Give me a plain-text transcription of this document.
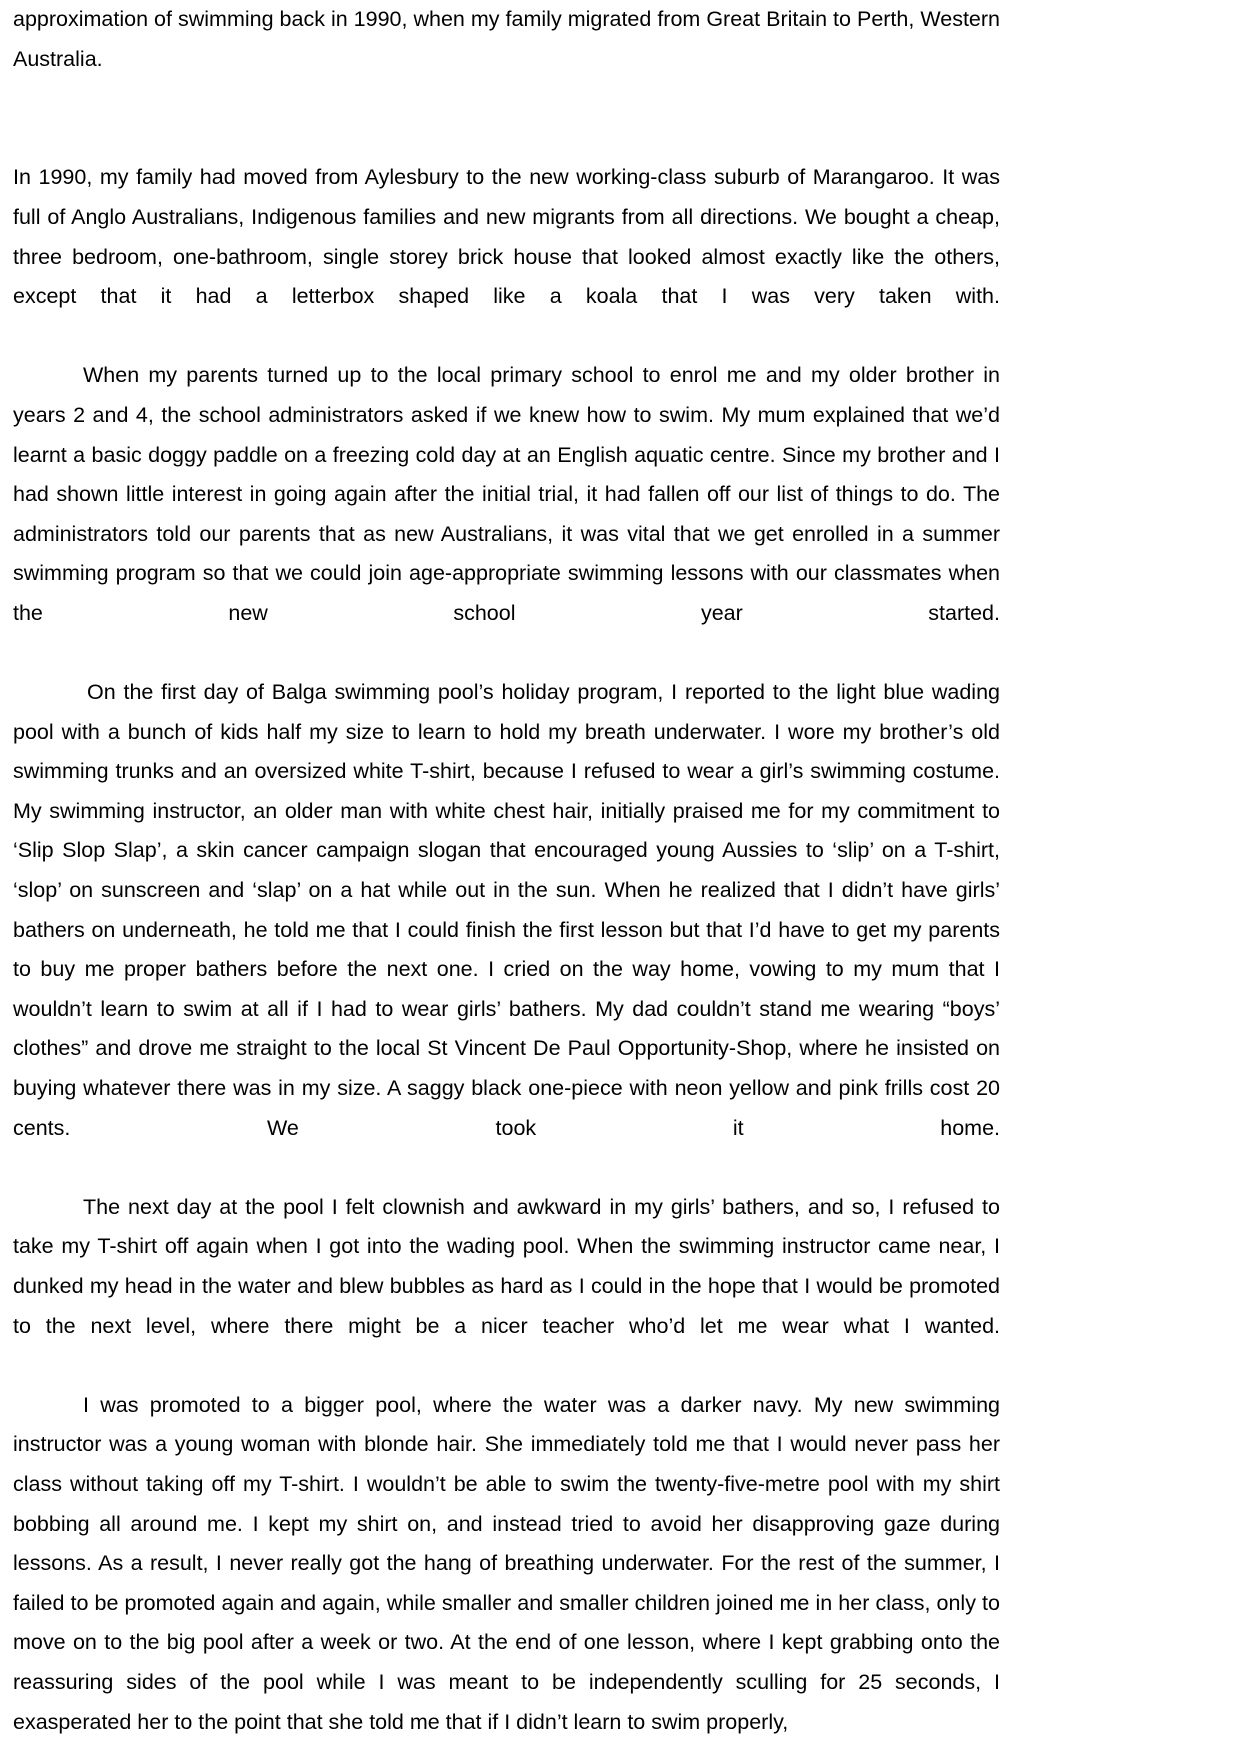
approximation of swimming back in 1990, when my family migrated from Great Britain to Perth, Western Australia.

In 1990, my family had moved from Aylesbury to the new working-class suburb of Marangaroo. It was full of Anglo Australians, Indigenous families and new migrants from all directions. We bought a cheap, three bedroom, one-bathroom, single storey brick house that looked almost exactly like the others, except that it had a letterbox shaped like a koala that I was very taken with.

When my parents turned up to the local primary school to enrol me and my older brother in years 2 and 4, the school administrators asked if we knew how to swim. My mum explained that we’d learnt a basic doggy paddle on a freezing cold day at an English aquatic centre. Since my brother and I had shown little interest in going again after the initial trial, it had fallen off our list of things to do. The administrators told our parents that as new Australians, it was vital that we get enrolled in a summer swimming program so that we could join age-appropriate swimming lessons with our classmates when the new school year started.

On the first day of Balga swimming pool’s holiday program, I reported to the light blue wading pool with a bunch of kids half my size to learn to hold my breath underwater. I wore my brother’s old swimming trunks and an oversized white T-shirt, because I refused to wear a girl’s swimming costume. My swimming instructor, an older man with white chest hair, initially praised me for my commitment to ‘Slip Slop Slap’, a skin cancer campaign slogan that encouraged young Aussies to ‘slip’ on a T-shirt, ‘slop’ on sunscreen and ‘slap’ on a hat while out in the sun. When he realized that I didn’t have girls’ bathers on underneath, he told me that I could finish the first lesson but that I’d have to get my parents to buy me proper bathers before the next one. I cried on the way home, vowing to my mum that I wouldn’t learn to swim at all if I had to wear girls’ bathers. My dad couldn’t stand me wearing “boys’ clothes” and drove me straight to the local St Vincent De Paul Opportunity-Shop, where he insisted on buying whatever there was in my size. A saggy black one-piece with neon yellow and pink frills cost 20 cents. We took it home.

The next day at the pool I felt clownish and awkward in my girls’ bathers, and so, I refused to take my T-shirt off again when I got into the wading pool. When the swimming instructor came near, I dunked my head in the water and blew bubbles as hard as I could in the hope that I would be promoted to the next level, where there might be a nicer teacher who’d let me wear what I wanted.

I was promoted to a bigger pool, where the water was a darker navy. My new swimming instructor was a young woman with blonde hair. She immediately told me that I would never pass her class without taking off my T-shirt. I wouldn’t be able to swim the twenty-five-metre pool with my shirt bobbing all around me. I kept my shirt on, and instead tried to avoid her disapproving gaze during lessons. As a result, I never really got the hang of breathing underwater. For the rest of the summer, I failed to be promoted again and again, while smaller and smaller children joined me in her class, only to move on to the big pool after a week or two. At the end of one lesson, where I kept grabbing onto the reassuring sides of the pool while I was meant to be independently sculling for 25 seconds, I exasperated her to the point that she told me that if I didn’t learn to swim properly,
